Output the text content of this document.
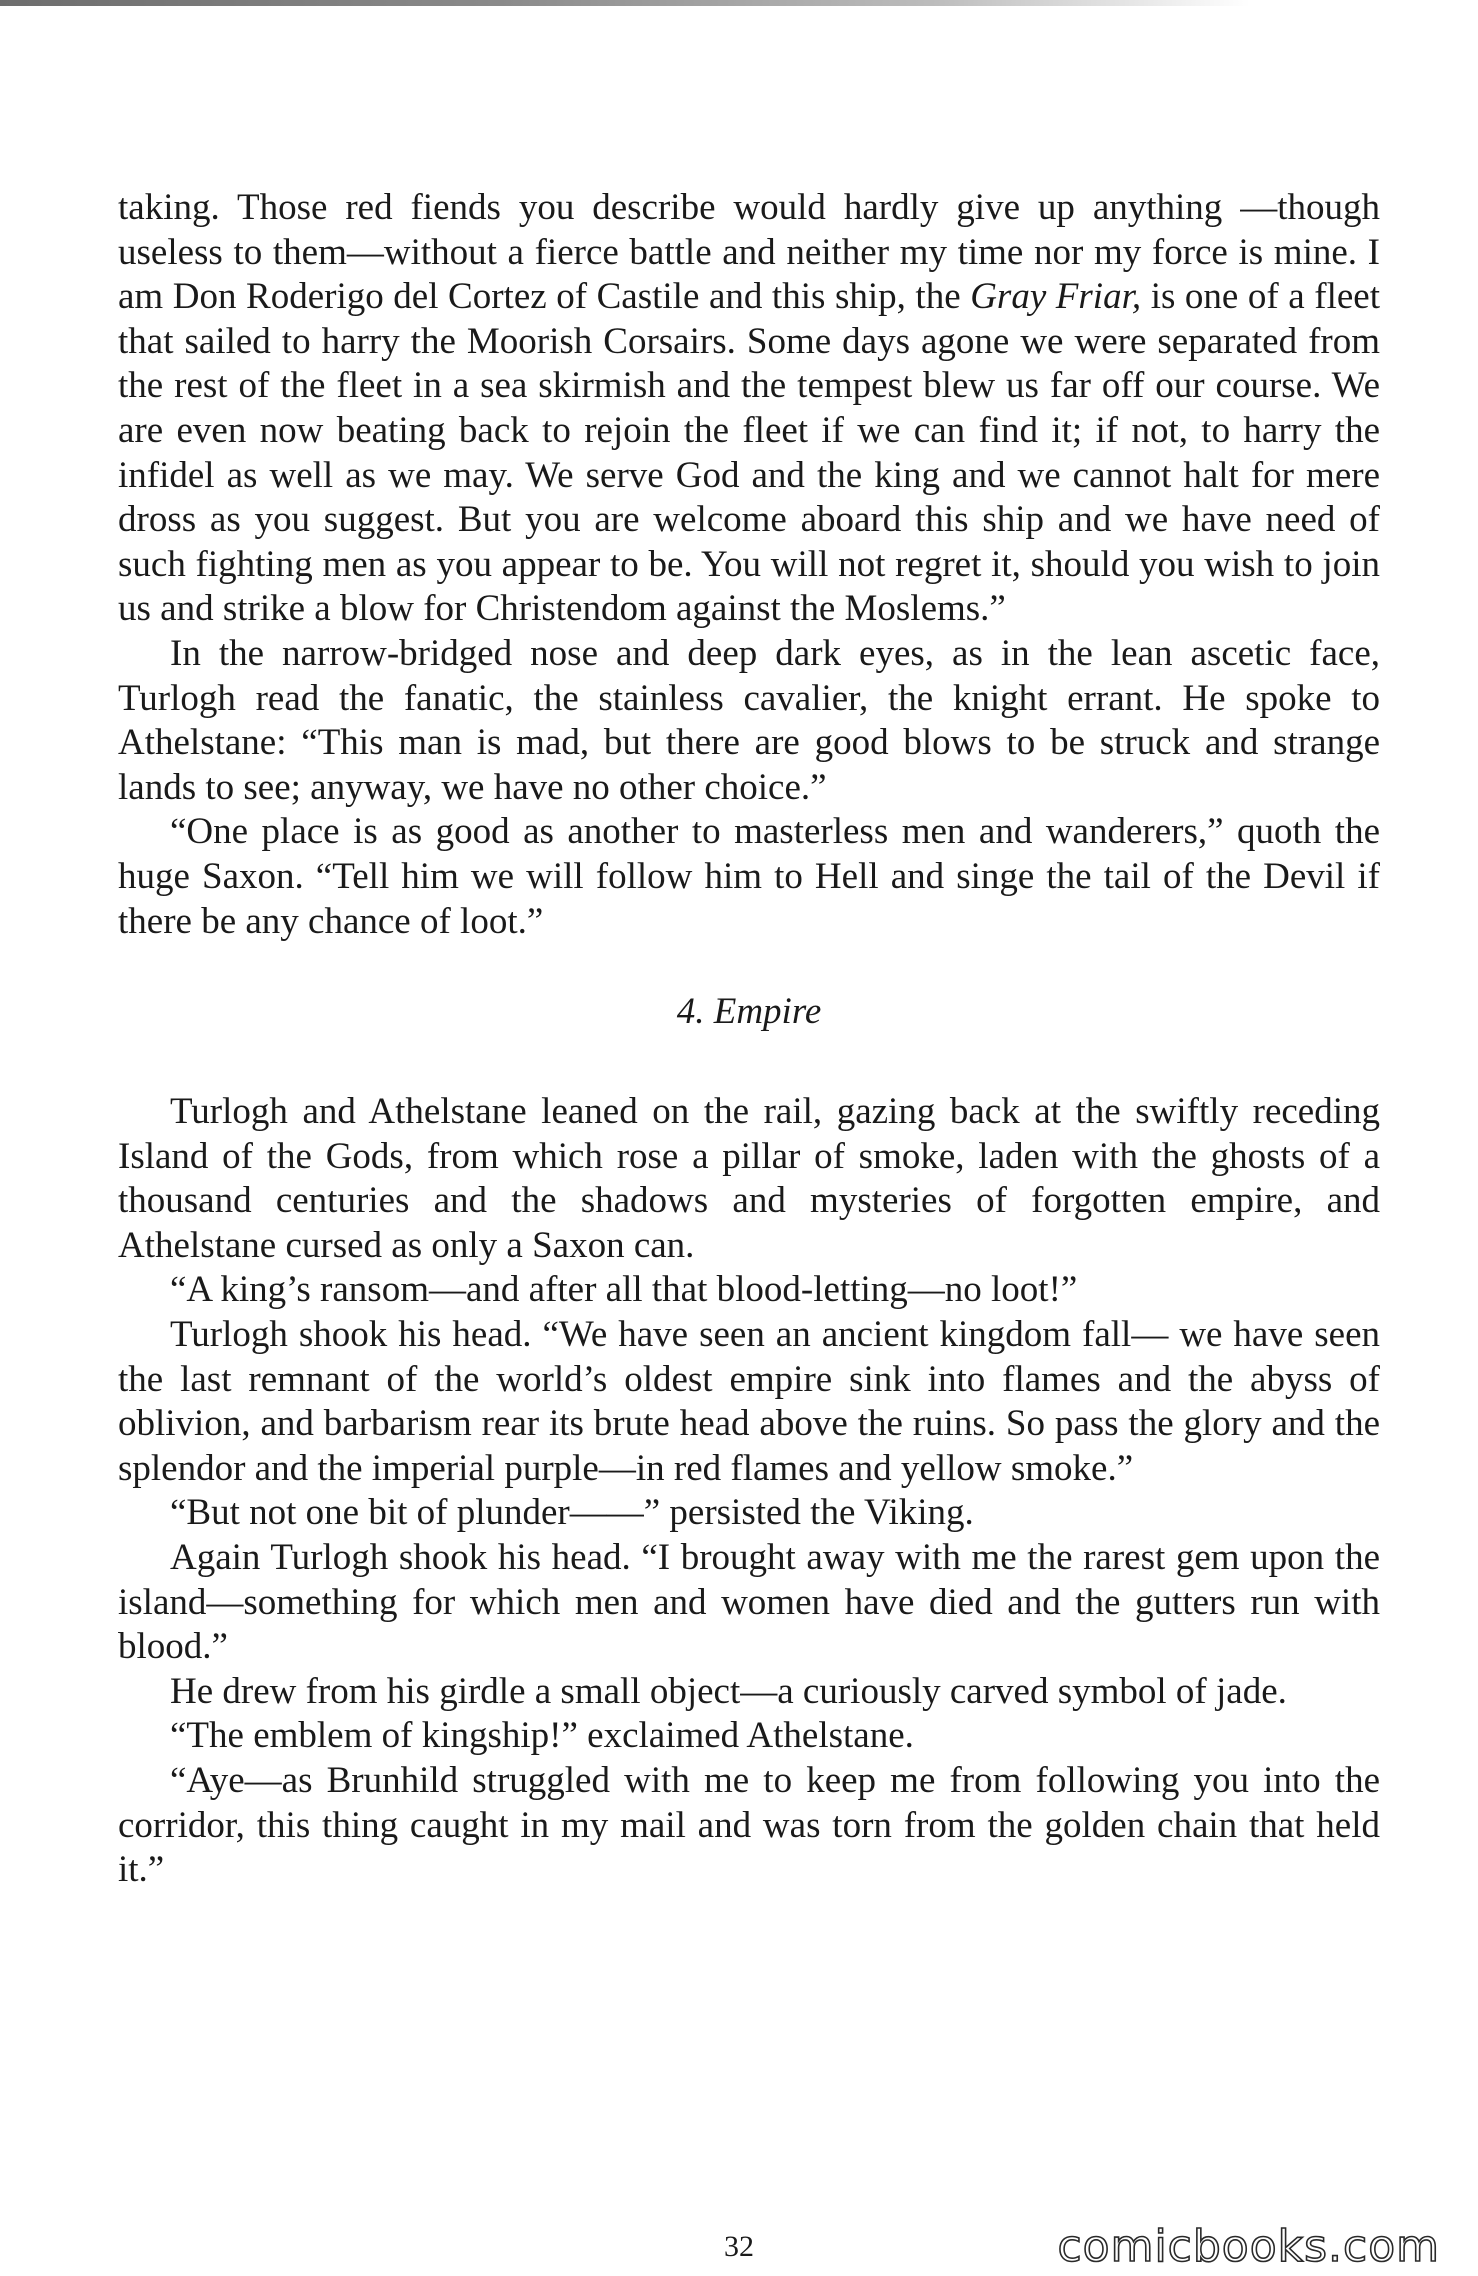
taking. Those red fiends you describe would hardly give up anything —though useless to them—without a fierce battle and neither my time nor my force is mine. I am Don Roderigo del Cortez of Castile and this ship, the Gray Friar, is one of a fleet that sailed to harry the Moorish Corsairs. Some days agone we were separated from the rest of the fleet in a sea skirmish and the tempest blew us far off our course. We are even now beating back to rejoin the fleet if we can find it; if not, to harry the infidel as well as we may. We serve God and the king and we cannot halt for mere dross as you suggest. But you are welcome aboard this ship and we have need of such fighting men as you appear to be. You will not regret it, should you wish to join us and strike a blow for Christendom against the Moslems.”

In the narrow-bridged nose and deep dark eyes, as in the lean ascetic face, Turlogh read the fanatic, the stainless cavalier, the knight errant. He spoke to Athelstane: “This man is mad, but there are good blows to be struck and strange lands to see; anyway, we have no other choice.”

“One place is as good as another to masterless men and wanderers,” quoth the huge Saxon. “Tell him we will follow him to Hell and singe the tail of the Devil if there be any chance of loot.”

4. Empire

Turlogh and Athelstane leaned on the rail, gazing back at the swiftly receding Island of the Gods, from which rose a pillar of smoke, laden with the ghosts of a thousand centuries and the shadows and mysteries of forgotten empire, and Athelstane cursed as only a Saxon can.

“A king’s ransom—and after all that blood-letting—no loot!”

Turlogh shook his head. “We have seen an ancient kingdom fall— we have seen the last remnant of the world’s oldest empire sink into flames and the abyss of oblivion, and barbarism rear its brute head above the ruins. So pass the glory and the splendor and the imperial purple—in red flames and yellow smoke.”

“But not one bit of plunder——” persisted the Viking.

Again Turlogh shook his head. “I brought away with me the rarest gem upon the island—something for which men and women have died and the gutters run with blood.”

He drew from his girdle a small object—a curiously carved symbol of jade.

“The emblem of kingship!” exclaimed Athelstane.

“Aye—as Brunhild struggled with me to keep me from following you into the corridor, this thing caught in my mail and was torn from the golden chain that held it.”

32	comicbooks.com
